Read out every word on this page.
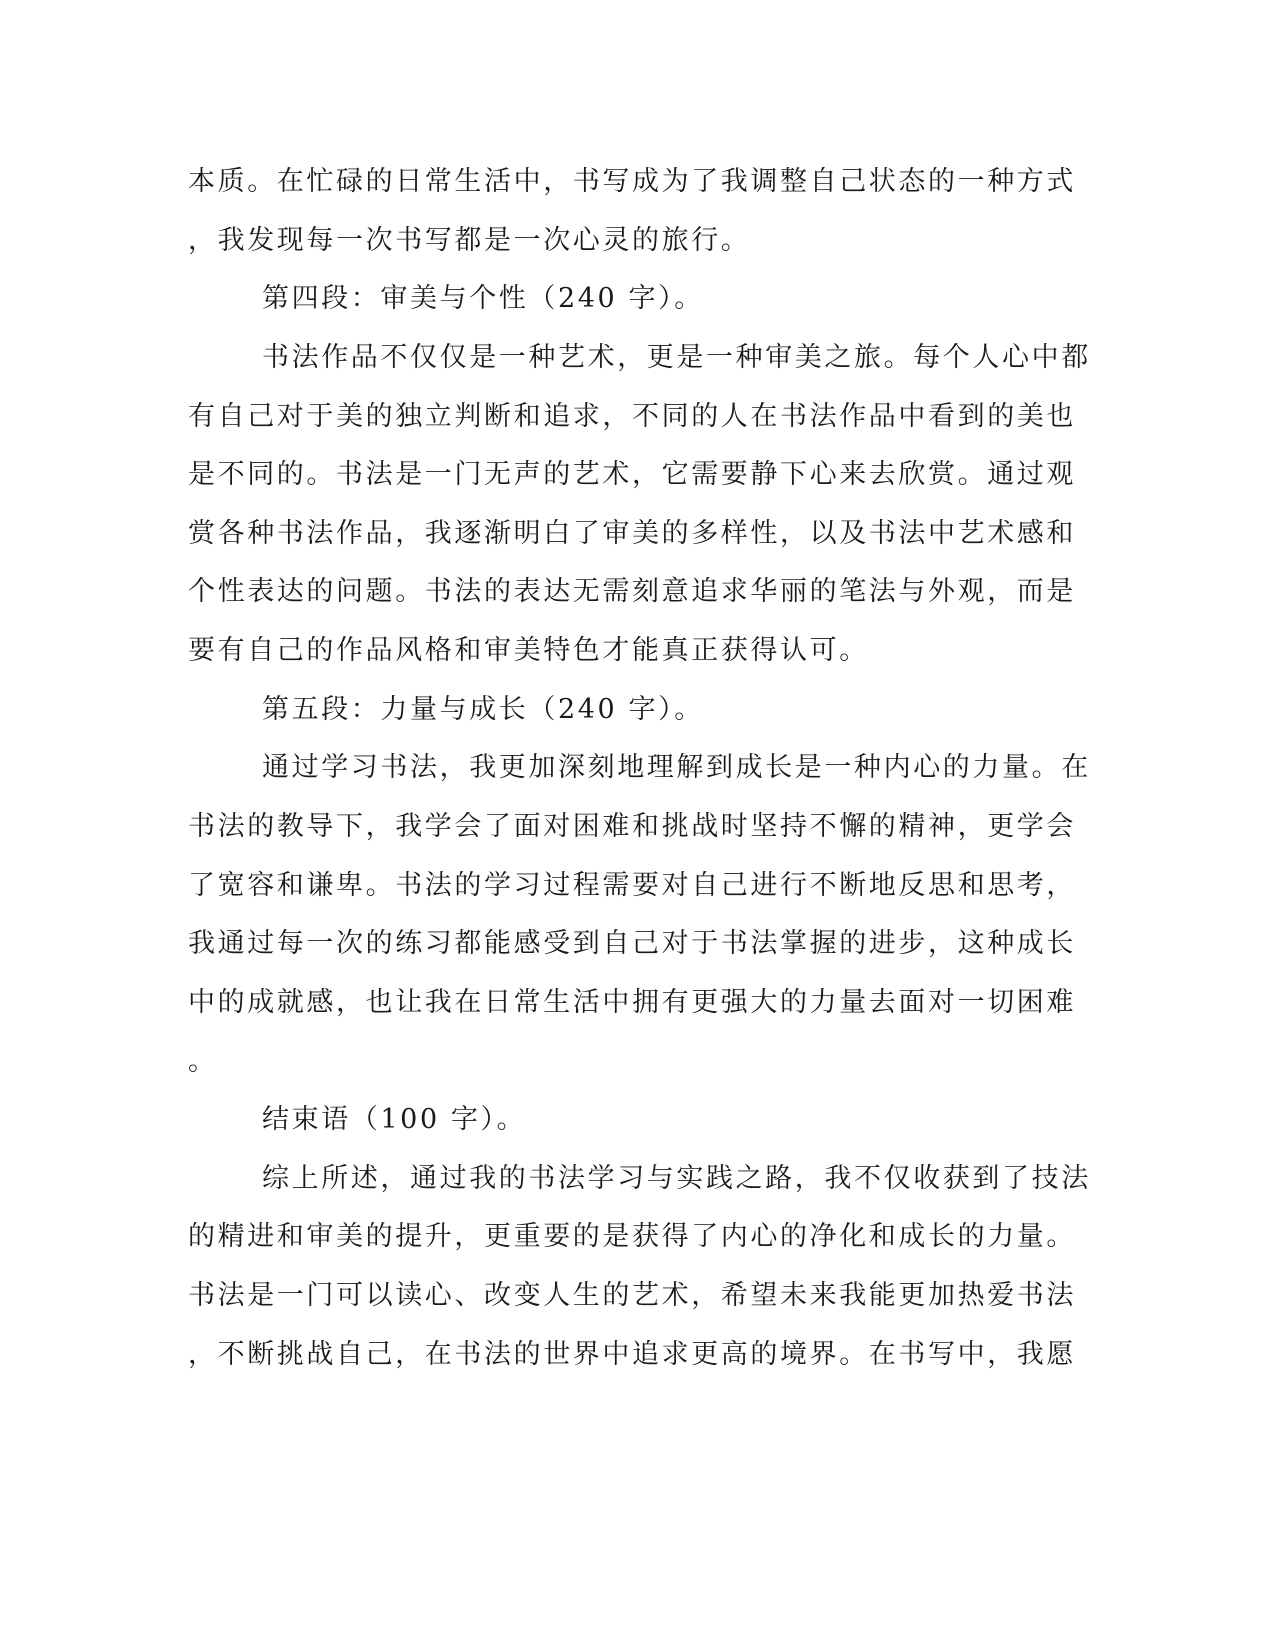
本质。在忙碌的日常生活中，书写成为了我调整自己状态的一种方式
，我发现每一次书写都是一次心灵的旅行。
第四段：审美与个性（240 字）。
书法作品不仅仅是一种艺术，更是一种审美之旅。每个人心中都
有自己对于美的独立判断和追求，不同的人在书法作品中看到的美也
是不同的。书法是一门无声的艺术，它需要静下心来去欣赏。通过观
赏各种书法作品，我逐渐明白了审美的多样性，以及书法中艺术感和
个性表达的问题。书法的表达无需刻意追求华丽的笔法与外观，而是
要有自己的作品风格和审美特色才能真正获得认可。
第五段：力量与成长（240 字）。
通过学习书法，我更加深刻地理解到成长是一种内心的力量。在
书法的教导下，我学会了面对困难和挑战时坚持不懈的精神，更学会
了宽容和谦卑。书法的学习过程需要对自己进行不断地反思和思考，
我通过每一次的练习都能感受到自己对于书法掌握的进步，这种成长
中的成就感，也让我在日常生活中拥有更强大的力量去面对一切困难
。
结束语（100 字）。
综上所述，通过我的书法学习与实践之路，我不仅收获到了技法
的精进和审美的提升，更重要的是获得了内心的净化和成长的力量。
书法是一门可以读心、改变人生的艺术，希望未来我能更加热爱书法
，不断挑战自己，在书法的世界中追求更高的境界。在书写中，我愿
